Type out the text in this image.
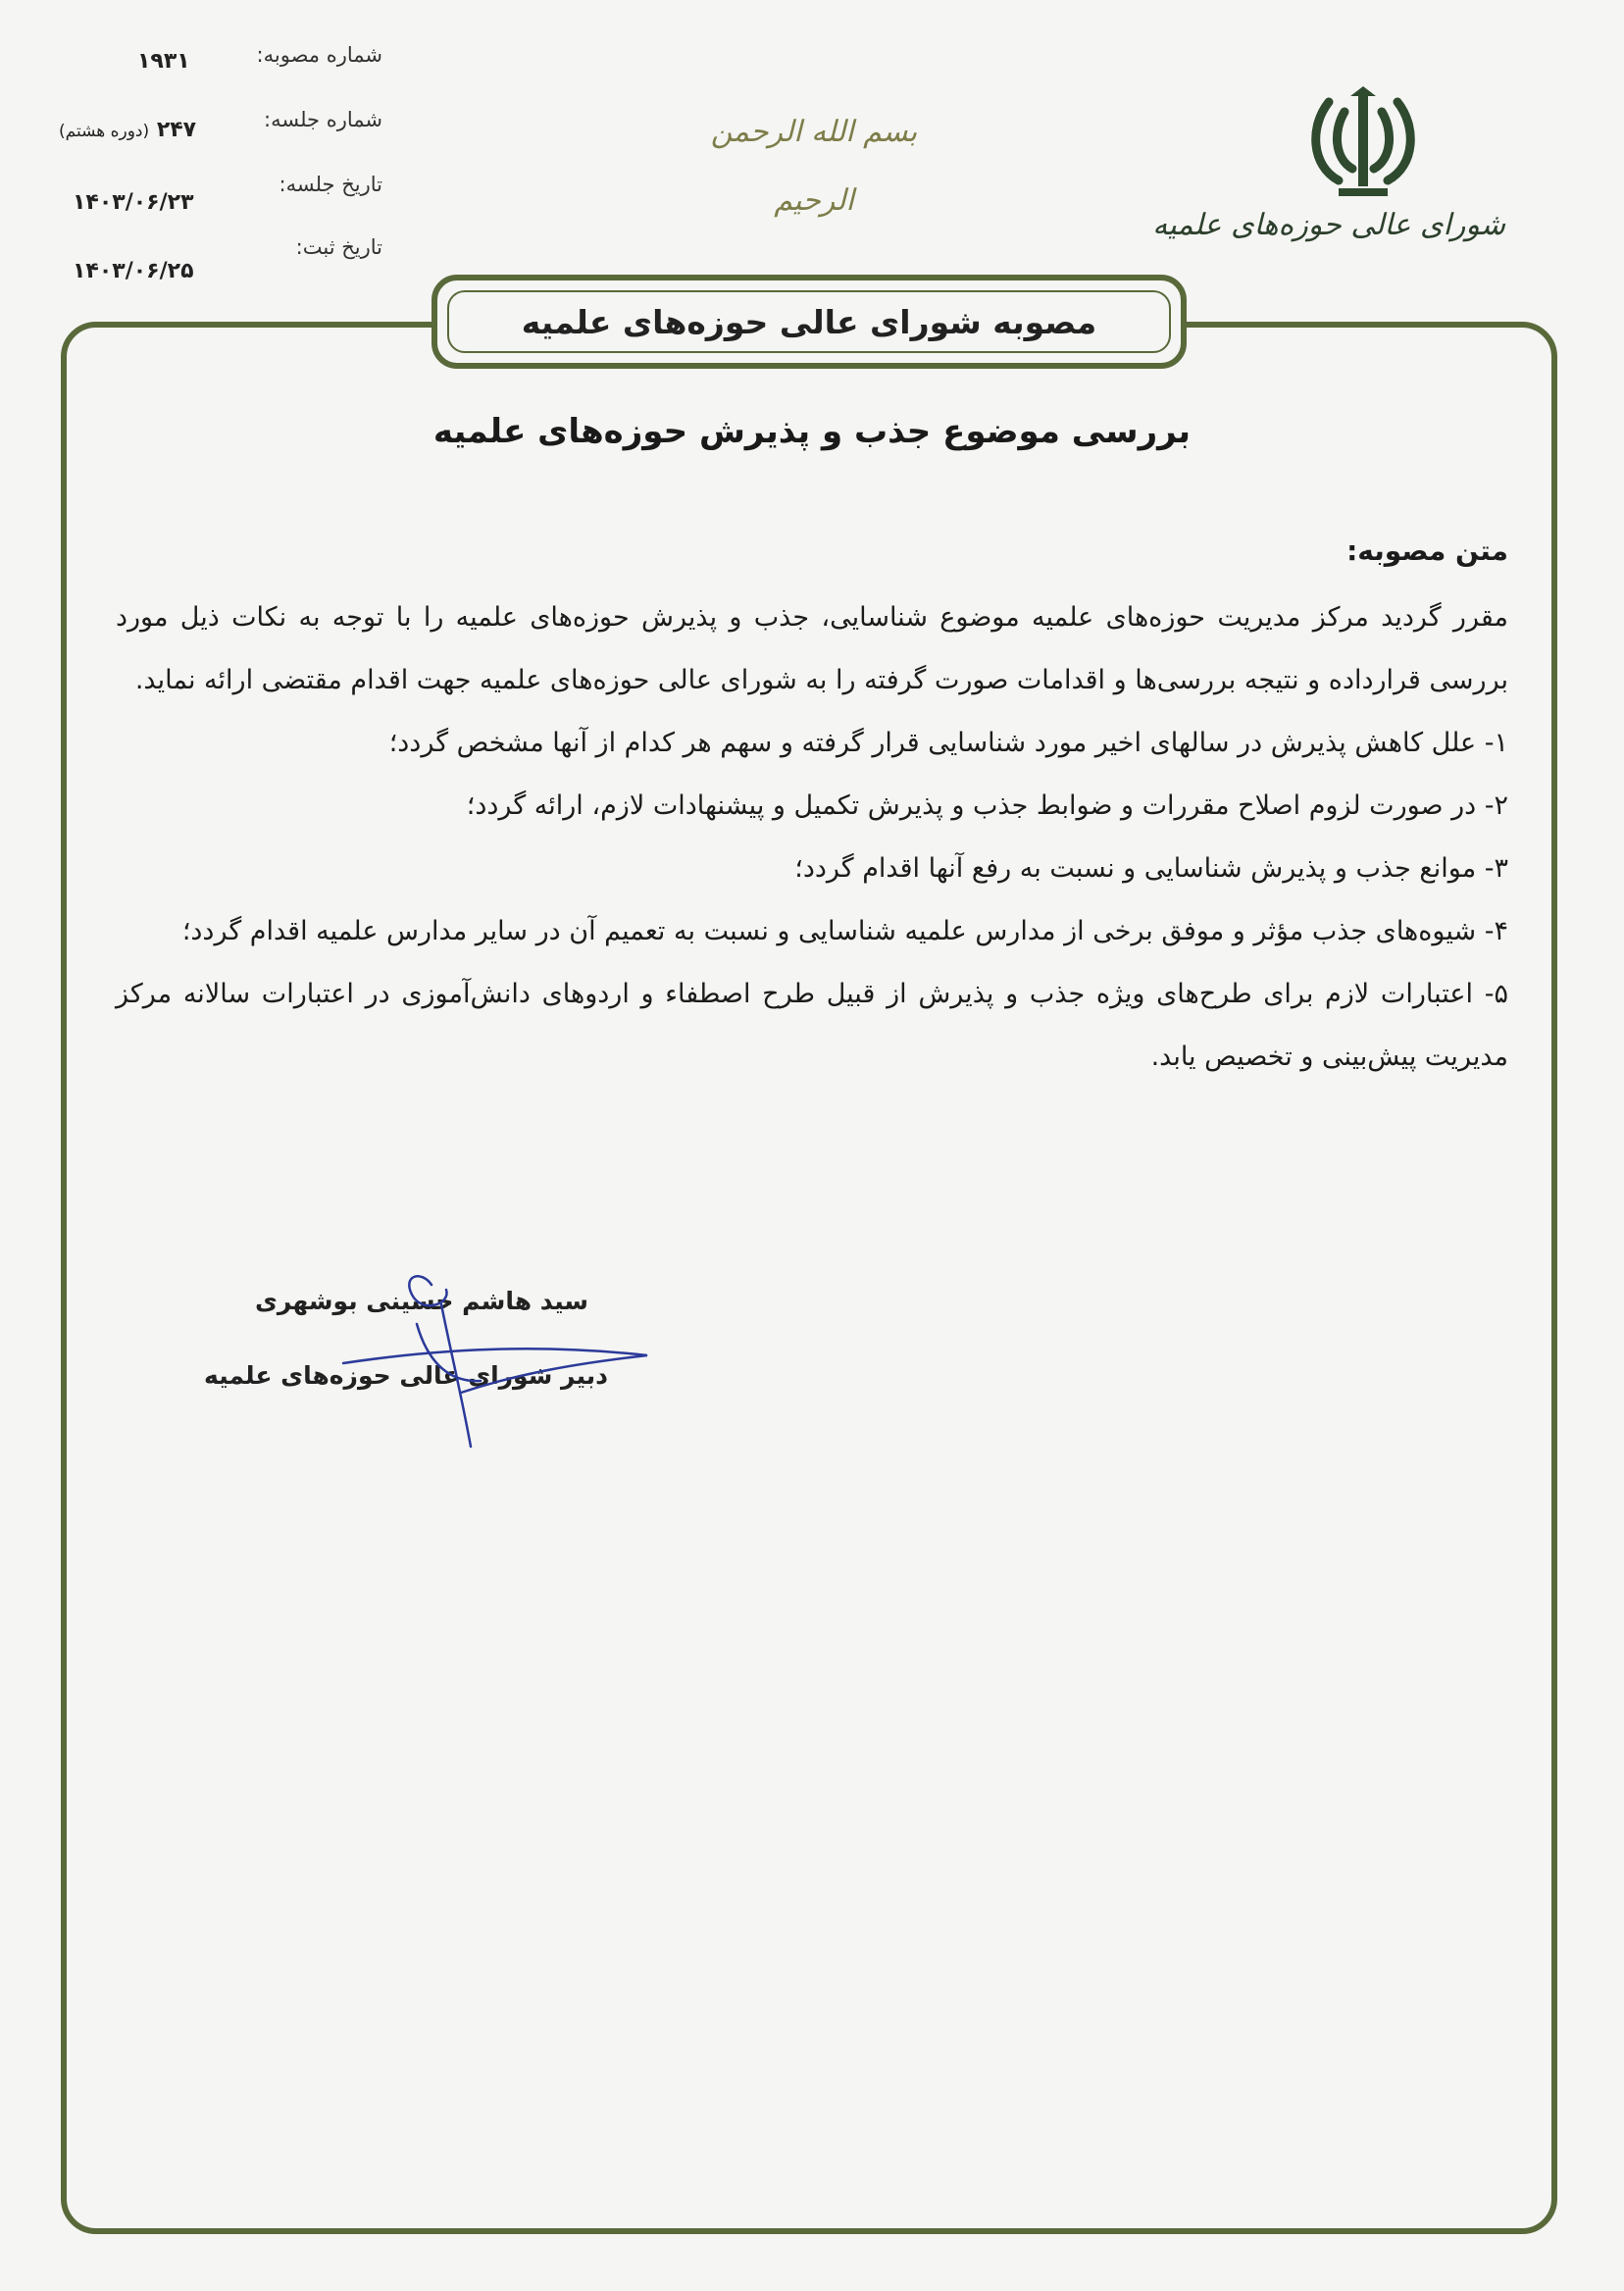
شماره مصوبه:
۱۹۳۱
شماره جلسه:
۲۴۷ (دوره هشتم)
تاریخ جلسه:
۱۴۰۳/۰۶/۲۳
تاریخ ثبت:
۱۴۰۳/۰۶/۲۵
بسم الله الرحمن الرحیم
شورای عالی حوزه‌های علمیه
مصوبه شورای عالی حوزه‌های علمیه
بررسی موضوع جذب و پذیرش حوزه‌های علمیه
متن مصوبه:

مقرر گردید مرکز مدیریت حوزه‌های علمیه موضوع شناسایی، جذب و پذیرش حوزه‌های علمیه را با توجه به نکات ذیل مورد بررسی قرارداده و نتیجه بررسی‌ها و اقدامات صورت گرفته را به شورای عالی حوزه‌های علمیه جهت اقدام مقتضی ارائه نماید.

۱- علل کاهش پذیرش در سالهای اخیر مورد شناسایی قرار گرفته و سهم هر کدام از آنها مشخص گردد؛

۲- در صورت لزوم اصلاح مقررات و ضوابط جذب و پذیرش تکمیل و پیشنهادات لازم، ارائه گردد؛

۳- موانع جذب و پذیرش شناسایی و نسبت به رفع آنها اقدام گردد؛

۴- شیوه‌های جذب مؤثر و موفق برخی از مدارس علمیه شناسایی و نسبت به تعمیم آن در سایر مدارس علمیه اقدام گردد؛

۵- اعتبارات لازم برای طرح‌های ویژه جذب و پذیرش از قبیل طرح اصطفاء و اردوهای دانش‌آموزی در اعتبارات سالانه مرکز مدیریت پیش‌بینی و تخصیص یابد.

سید هاشم حسینی بوشهری
دبیر شورای عالی حوزه‌های علمیه
